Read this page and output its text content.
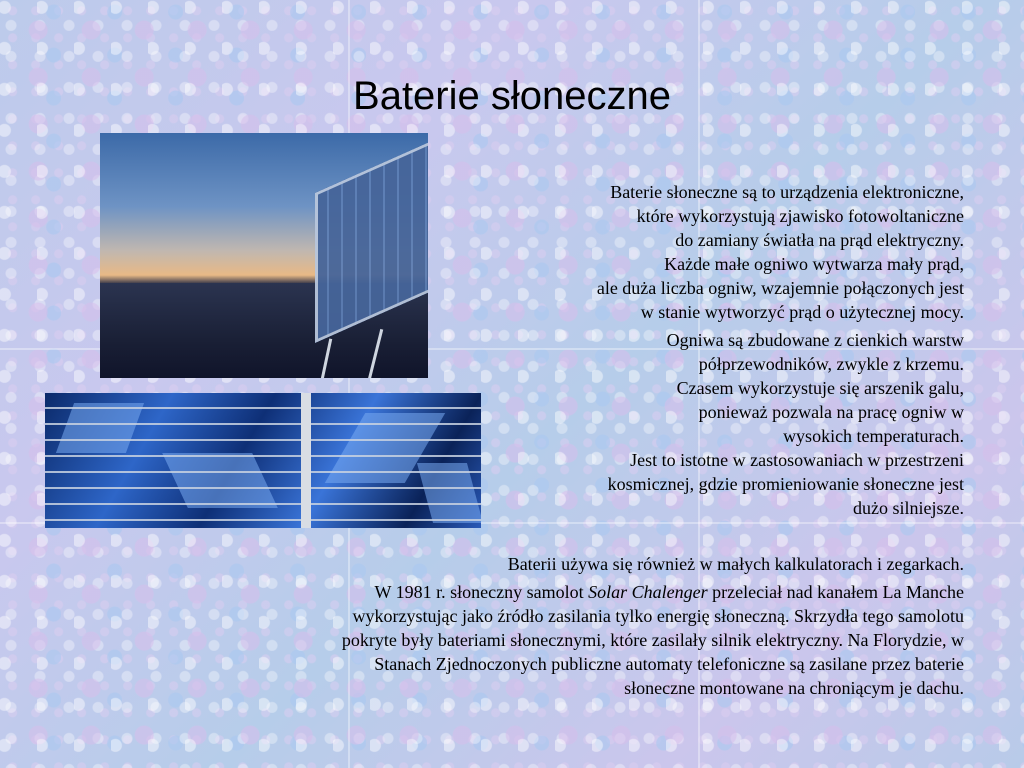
Baterie słoneczne

Baterie słoneczne są to urządzenia elektroniczne,

które wykorzystują zjawisko fotowoltaniczne

do zamiany światła na prąd elektryczny.

Każde małe ogniwo wytwarza mały prąd,

ale duża liczba ogniw, wzajemnie połączonych jest

w stanie wytworzyć prąd o użytecznej mocy.

Ogniwa są zbudowane z cienkich warstw

półprzewodników, zwykle z krzemu.

Czasem wykorzystuje się arszenik galu,

ponieważ pozwala na pracę ogniw w

wysokich temperaturach.

Jest to istotne w zastosowaniach w przestrzeni

kosmicznej, gdzie promieniowanie słoneczne jest

dużo silniejsze.

Baterii używa się również w małych kalkulatorach i zegarkach.

W 1981 r. słoneczny samolot Solar Chalenger przeleciał nad kanałem La Manche

wykorzystując jako źródło zasilania tylko energię słoneczną. Skrzydła tego samolotu

pokryte były bateriami słonecznymi, które zasilały silnik elektryczny. Na Florydzie, w

Stanach Zjednoczonych publiczne automaty telefoniczne są zasilane przez baterie

słoneczne montowane na chroniącym je dachu.
